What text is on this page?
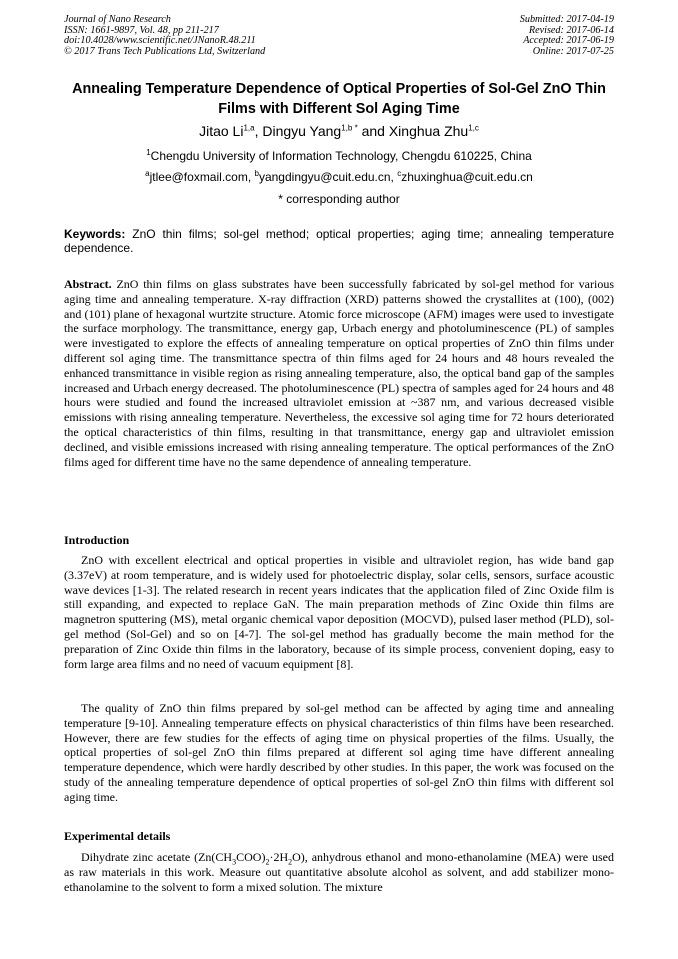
Journal of Nano Research
ISSN: 1661-9897, Vol. 48, pp 211-217
doi:10.4028/www.scientific.net/JNanoR.48.211
© 2017 Trans Tech Publications Ltd, Switzerland
Submitted: 2017-04-19
Revised: 2017-06-14
Accepted: 2017-06-19
Online: 2017-07-25
Annealing Temperature Dependence of Optical Properties of Sol-Gel ZnO Thin Films with Different Sol Aging Time
Jitao Li$^{1,a}$, Dingyu Yang$^{1,b *}$ and Xinghua Zhu$^{1,c}$
$^1$Chengdu University of Information Technology, Chengdu 610225, China
$^a$jtlee@foxmail.com, $^b$yangdingyu@cuit.edu.cn, $^c$zhuxinghua@cuit.edu.cn
* corresponding author
Keywords: ZnO thin films; sol-gel method; optical properties; aging time; annealing temperature dependence.
Abstract. ZnO thin films on glass substrates have been successfully fabricated by sol-gel method for various aging time and annealing temperature. X-ray diffraction (XRD) patterns showed the crystallites at (100), (002) and (101) plane of hexagonal wurtzite structure. Atomic force microscope (AFM) images were used to investigate the surface morphology. The transmittance, energy gap, Urbach energy and photoluminescence (PL) of samples were investigated to explore the effects of annealing temperature on optical properties of ZnO thin films under different sol aging time. The transmittance spectra of thin films aged for 24 hours and 48 hours revealed the enhanced transmittance in visible region as rising annealing temperature, also, the optical band gap of the samples increased and Urbach energy decreased. The photoluminescence (PL) spectra of samples aged for 24 hours and 48 hours were studied and found the increased ultraviolet emission at ~387 nm, and various decreased visible emissions with rising annealing temperature. Nevertheless, the excessive sol aging time for 72 hours deteriorated the optical characteristics of thin films, resulting in that transmittance, energy gap and ultraviolet emission declined, and visible emissions increased with rising annealing temperature. The optical performances of the ZnO films aged for different time have no the same dependence of annealing temperature.
Introduction
ZnO with excellent electrical and optical properties in visible and ultraviolet region, has wide band gap (3.37eV) at room temperature, and is widely used for photoelectric display, solar cells, sensors, surface acoustic wave devices [1-3]. The related research in recent years indicates that the application filed of Zinc Oxide film is still expanding, and expected to replace GaN. The main preparation methods of Zinc Oxide thin films are magnetron sputtering (MS), metal organic chemical vapor deposition (MOCVD), pulsed laser method (PLD), sol-gel method (Sol-Gel) and so on [4-7]. The sol-gel method has gradually become the main method for the preparation of Zinc Oxide thin films in the laboratory, because of its simple process, convenient doping, easy to form large area films and no need of vacuum equipment [8].
The quality of ZnO thin films prepared by sol-gel method can be affected by aging time and annealing temperature [9-10]. Annealing temperature effects on physical characteristics of thin films have been researched. However, there are few studies for the effects of aging time on physical properties of the films. Usually, the optical properties of sol-gel ZnO thin films prepared at different sol aging time have different annealing temperature dependence, which were hardly described by other studies. In this paper, the work was focused on the study of the annealing temperature dependence of optical properties of sol-gel ZnO thin films with different sol aging time.
Experimental details
Dihydrate zinc acetate $(Zn(CH_3COO)_2\cdot 2H_2O)$, anhydrous ethanol and mono-ethanolamine (MEA) were used as raw materials in this work. Measure out quantitative absolute alcohol as solvent, and add stabilizer mono-ethanolamine to the solvent to form a mixed solution. The mixture
